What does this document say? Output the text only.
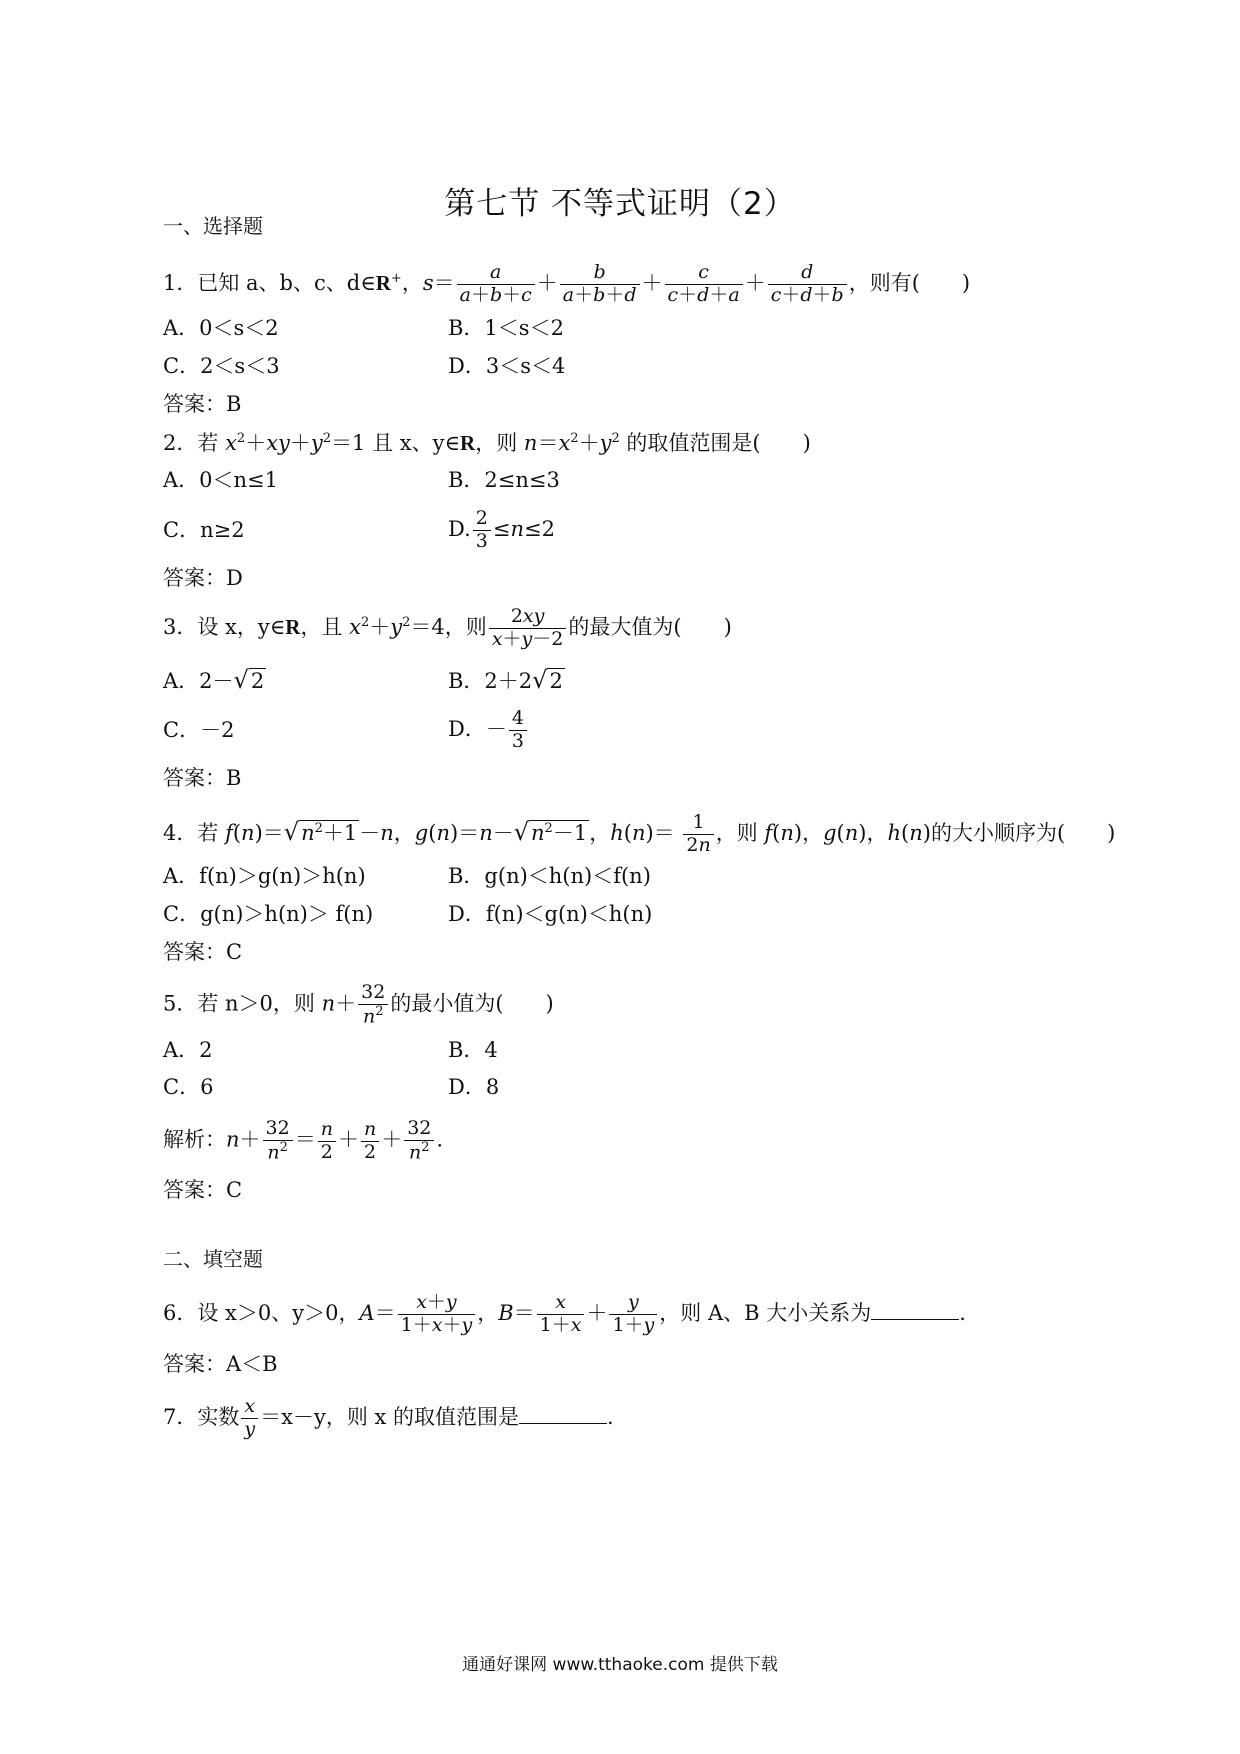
第七节 不等式证明（2）
一、选择题
1．已知 a、b、c、d∈R+，$s= \frac{a}{a+b+c} + \frac{b}{a+b+d} + \frac{c}{c+d+a} + \frac{d}{c+d+b}$ ，则有(　　)
A．0＜s＜2	B．1＜s＜2
C．2＜s＜3	D．3＜s＜4
答案：B
2．若 $x^2+xy+y^2=1$ 且 x、y∈R，则 $n=x^2+y^2$ 的取值范围是(　　)
A．0＜n≤1	B．2≤n≤3
C．n≥2	D. $\frac{2}{3} \le n\le 2$
答案：D
3．设 x，y∈R，且 $x^2+y^2=4$，则 $\frac{2xy}{x+y-2}$ 的最大值为(　　)
A．2－√2	B．2＋2√2
C．－2	D．－ $\frac{4}{3}$
答案：B
4．若 $f(n)=√n^2+1-n$，$g(n)=n-√n^2-1$，$h(n)= \frac{1}{2n}$ ，则 f(n)，g(n)，h(n)的大小顺序为(　　)
A．f(n)＞g(n)＞h(n)	B．g(n)＜h(n)＜f(n)
C．g(n)＞h(n)＞ f(n)	D．f(n)＜g(n)＜h(n)
答案：C
5．若 n＞0，则 $n+ \frac{32}{n^2}$ 的最小值为(　　)
A．2	B．4
C．6	D．8
解析：$n+ \frac{32}{n^2} = \frac{n}{2} + \frac{n}{2} + \frac{32}{n^2}$ .
答案：C
二、填空题
6．设 x＞0、y＞0，$A= \frac{x+y}{1+x+y}$ ，$B= \frac{x}{1+x} + \frac{y}{1+y}$ ，则 A、B 大小关系为	.
答案：A＜B
7．实数 $\frac{x}{y} =x-y$，则 x 的取值范围是	.
通通好课网 www.tthaoke.com 提供下载
